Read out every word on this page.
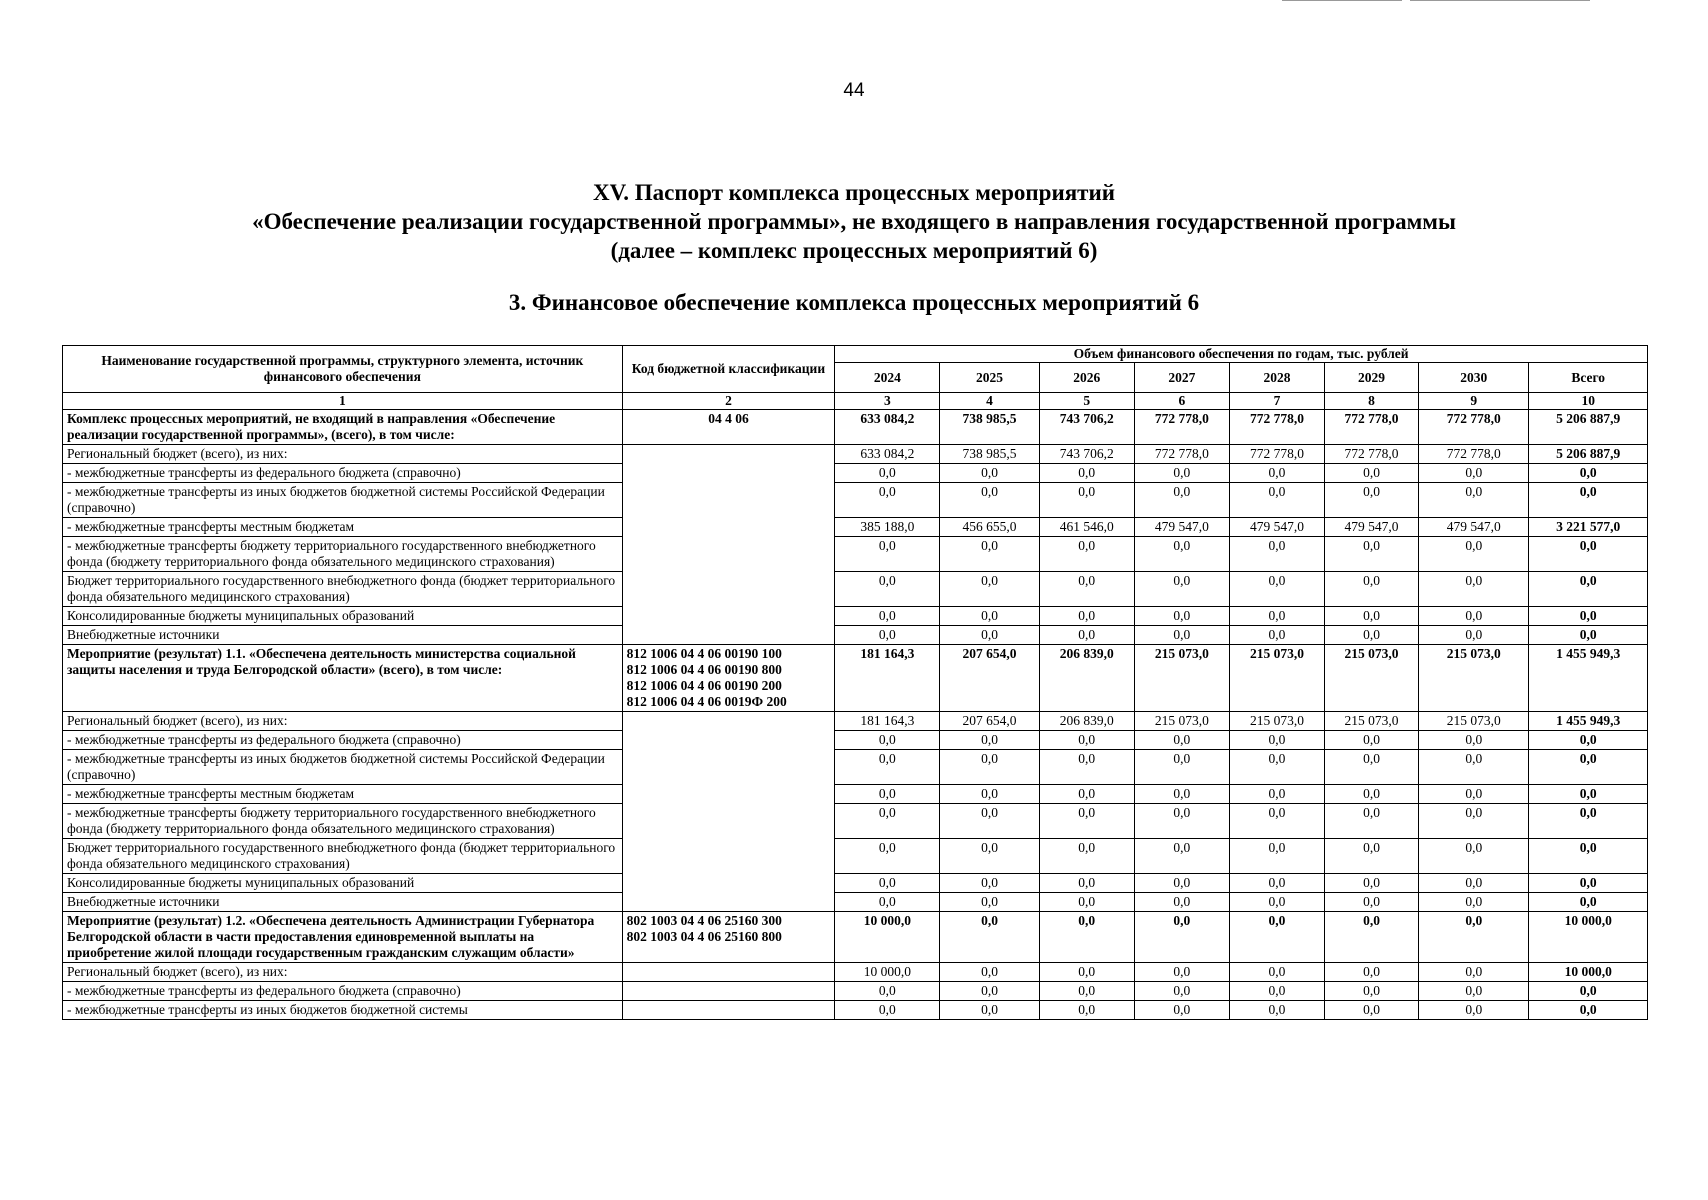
44
XV. Паспорт комплекса процессных мероприятий
«Обеспечение реализации государственной программы», не входящего в направления государственной программы
(далее – комплекс процессных мероприятий 6)
3. Финансовое обеспечение комплекса процессных мероприятий 6
Наименование государственной программы, структурного элемента, источник финансового обеспечения	Код бюджетной классификации	Объем финансового обеспечения по годам, тыс. рублей							
		2024	2025	2026	2027	2028	2029	2030	Всего
1	2	3	4	5	6	7	8	9	10
Комплекс процессных мероприятий, не входящий в направления «Обеспечение реализации государственной программы», (всего), в том числе:	04 4 06	633 084,2	738 985,5	743 706,2	772 778,0	772 778,0	772 778,0	772 778,0	5 206 887,9
Региональный бюджет (всего), из них:		633 084,2	738 985,5	743 706,2	772 778,0	772 778,0	772 778,0	772 778,0	5 206 887,9
- межбюджетные трансферты из федерального бюджета (справочно)		0,0	0,0	0,0	0,0	0,0	0,0	0,0	0,0
- межбюджетные трансферты из иных бюджетов бюджетной системы Российской Федерации (справочно)		0,0	0,0	0,0	0,0	0,0	0,0	0,0	0,0
- межбюджетные трансферты местным бюджетам		385 188,0	456 655,0	461 546,0	479 547,0	479 547,0	479 547,0	479 547,0	3 221 577,0
- межбюджетные трансферты бюджету территориального государственного внебюджетного фонда (бюджету территориального фонда обязательного медицинского страхования)		0,0	0,0	0,0	0,0	0,0	0,0	0,0	0,0
Бюджет территориального государственного внебюджетного фонда (бюджет территориального фонда обязательного медицинского страхования)		0,0	0,0	0,0	0,0	0,0	0,0	0,0	0,0
Консолидированные бюджеты муниципальных образований		0,0	0,0	0,0	0,0	0,0	0,0	0,0	0,0
Внебюджетные источники		0,0	0,0	0,0	0,0	0,0	0,0	0,0	0,0
Мероприятие (результат) 1.1. «Обеспечена деятельность министерства социальной защиты населения и труда Белгородской области» (всего), в том числе:	812 1006 04 4 06 00190 100
812 1006 04 4 06 00190 800
812 1006 04 4 06 00190 200
812 1006 04 4 06 0019Ф 200	181 164,3	207 654,0	206 839,0	215 073,0	215 073,0	215 073,0	215 073,0	1 455 949,3
Региональный бюджет (всего), из них:		181 164,3	207 654,0	206 839,0	215 073,0	215 073,0	215 073,0	215 073,0	1 455 949,3
- межбюджетные трансферты из федерального бюджета (справочно)		0,0	0,0	0,0	0,0	0,0	0,0	0,0	0,0
- межбюджетные трансферты из иных бюджетов бюджетной системы Российской Федерации (справочно)		0,0	0,0	0,0	0,0	0,0	0,0	0,0	0,0
- межбюджетные трансферты местным бюджетам		0,0	0,0	0,0	0,0	0,0	0,0	0,0	0,0
- межбюджетные трансферты бюджету территориального государственного внебюджетного фонда (бюджету территориального фонда обязательного медицинского страхования)		0,0	0,0	0,0	0,0	0,0	0,0	0,0	0,0
Бюджет территориального государственного внебюджетного фонда (бюджет территориального фонда обязательного медицинского страхования)		0,0	0,0	0,0	0,0	0,0	0,0	0,0	0,0
Консолидированные бюджеты муниципальных образований		0,0	0,0	0,0	0,0	0,0	0,0	0,0	0,0
Внебюджетные источники		0,0	0,0	0,0	0,0	0,0	0,0	0,0	0,0
Мероприятие (результат) 1.2. «Обеспечена деятельность Администрации Губернатора Белгородской области в части предоставления единовременной выплаты на приобретение жилой площади государственным гражданским служащим области»	802 1003 04 4 06 25160 300
802 1003 04 4 06 25160 800	10 000,0	0,0	0,0	0,0	0,0	0,0	0,0	10 000,0
Региональный бюджет (всего), из них:		10 000,0	0,0	0,0	0,0	0,0	0,0	0,0	10 000,0
- межбюджетные трансферты из федерального бюджета (справочно)		0,0	0,0	0,0	0,0	0,0	0,0	0,0	0,0
- межбюджетные трансферты из иных бюджетов бюджетной системы		0,0	0,0	0,0	0,0	0,0	0,0	0,0	0,0
